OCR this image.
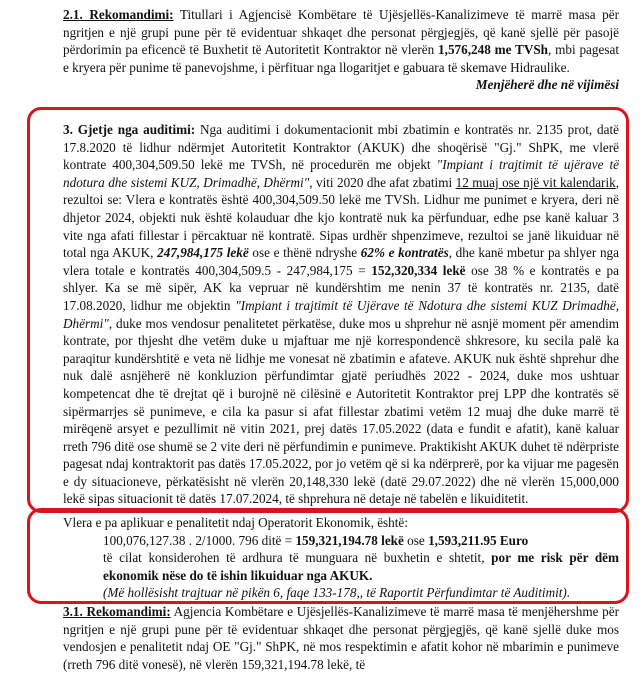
2.1. Rekomandimi: Titullari i Agjencisë Kombëtare të Ujësjellës-Kanalizimeve të marrë masa për ngritjen e një grupi pune për të evidentuar shkaqet dhe personat përgjegjës, që kanë sjellë për pasojë përdorimin pa eficencë të Buxhetit të Autoritetit Kontraktor në vlerën 1,576,248 me TVSh, mbi pagesat e kryera për punime të panevojshme, i përfituar nga llogaritjet e gabuara të skemave Hidraulike.

Menjëherë dhe në vijimësi

3. Gjetje nga auditimi: Nga auditimi i dokumentacionit mbi zbatimin e kontratës nr. 2135 prot, datë 17.8.2020 të lidhur ndërmjet Autoritetit Kontraktor (AKUK) dhe shoqërisë "Gj." ShPK, me vlerë kontrate 400,304,509.50 lekë me TVSh, në procedurën me objekt "Impiant i trajtimit të ujërave të ndotura dhe sistemi KUZ, Drimadhë, Dhërmi", viti 2020 dhe afat zbatimi 12 muaj ose një vit kalendarik, rezultoi se: Vlera e kontratës është 400,304,509.50 lekë me TVSh. Lidhur me punimet e kryera, deri në dhjetor 2024, objekti nuk është kolauduar dhe kjo kontratë nuk ka përfunduar, edhe pse kanë kaluar 3 vite nga afati fillestar i përcaktuar në kontratë. Sipas urdhër shpenzimeve, rezultoi se janë likuiduar në total nga AKUK, 247,984,175 lekë ose e thënë ndryshe 62% e kontratës, dhe kanë mbetur pa shlyer nga vlera totale e kontratës 400,304,509.5 - 247,984,175 = 152,320,334 lekë ose 38 % e kontratës e pa shlyer. Ka se më sipër, AK ka vepruar në kundërshtim me nenin 37 të kontratës nr. 2135, datë 17.08.2020, lidhur me objektin "Impiant i trajtimit të Ujërave të Ndotura dhe sistemi KUZ Drimadhë, Dhërmi", duke mos vendosur penalitetet përkatëse, duke mos u shprehur në asnjë moment për amendim kontrate, por thjesht dhe vetëm duke u mjaftuar me një korrespondencë shkresore, ku secila palë ka paraqitur kundërshtitë e veta në lidhje me vonesat në zbatimin e afateve. AKUK nuk është shprehur dhe nuk dalë asnjëherë në konkluzion përfundimtar gjatë periudhës 2022 - 2024, duke mos ushtuar kompetencat dhe të drejtat që i burojnë në cilësinë e Autoritetit Kontraktor prej LPP dhe kontratës së sipërmarrjes së punimeve, e cila ka pasur si afat fillestar zbatimi vetëm 12 muaj dhe duke marrë të mirëqenë arsyet e pezullimit në vitin 2021, prej datës 17.05.2022 (data e fundit e afatit), kanë kaluar rreth 796 ditë ose shumë se 2 vite deri në përfundimin e punimeve. Praktikisht AKUK duhet të ndërpriste pagesat ndaj kontraktorit pas datës 17.05.2022, por jo vetëm që si ka ndërprerë, por ka vijuar me pagesën e dy situacioneve, përkatësisht në vlerën 20,148,330 lekë (datë 29.07.2022) dhe në vlerën 15,000,000 lekë sipas situacionit të datës 17.07.2024, të shprehura në detaje në tabelën e likuiditetit.

Vlera e pa aplikuar e penalitetit ndaj Operatorit Ekonomik, është:

100,076,127.38 . 2/1000. 796 ditë = 159,321,194.78 lekë ose 1,593,211.95 Euro

të cilat konsiderohen të ardhura të munguara në buxhetin e shtetit, por me risk për dëm ekonomik nëse do të ishin likuiduar nga AKUK.

(Më hollësisht trajtuar në pikën 6, faqe 133-178,, të Raportit Përfundimtar të Auditimit).

3.1. Rekomandimi: Agjencia Kombëtare e Ujësjellës-Kanalizimeve të marrë masa të menjëhershme për ngritjen e një grupi pune për të evidentuar shkaqet dhe personat përgjegjës, që kanë sjellë duke mos vendosjen e penalitetit ndaj OE "Gj." ShPK, në mos respektimin e afatit kohor në mbarimin e punimeve (rreth 796 ditë vonesë), në vlerën 159,321,194.78 lekë, të
